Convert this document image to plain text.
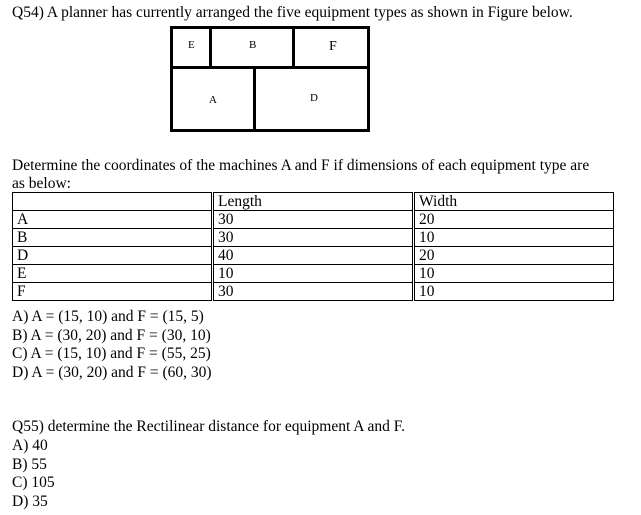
Q54) A planner has currently arranged the five equipment types as shown in Figure below.
E	B	F
A	D
Determine the coordinates of the machines A and F if dimensions of each equipment type are
as below:
	Length	Width
A	30	20
B	30	10
D	40	20
E	10	10
F	30	10
A) A = (15, 10) and F = (15, 5)
B) A = (30, 20) and F = (30, 10)
C) A = (15, 10) and F = (55, 25)
D) A = (30, 20) and F = (60, 30)
Q55) determine the Rectilinear distance for equipment A and F.
A) 40
B) 55
C) 105
D) 35
